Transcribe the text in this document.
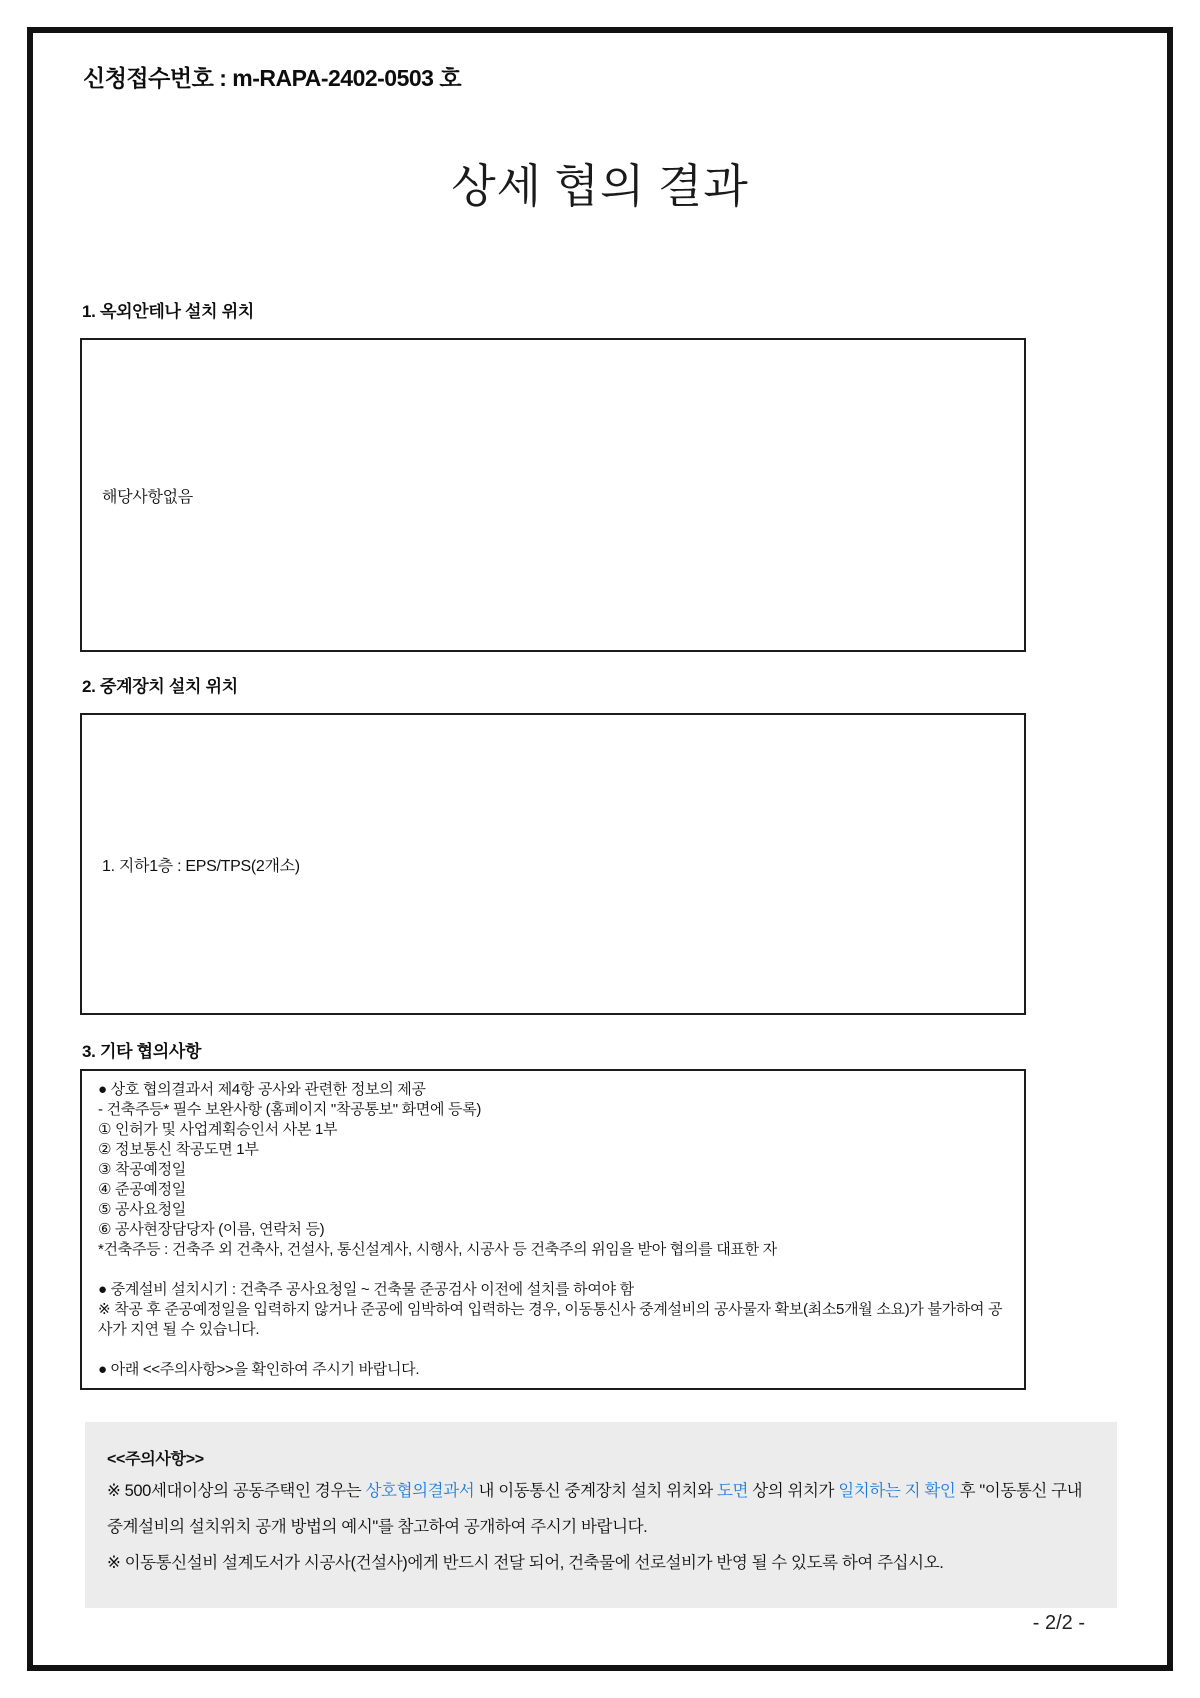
신청접수번호 : m-RAPA-2402-0503 호
상세 협의 결과
1. 옥외안테나 설치 위치
해당사항없음
2. 중계장치 설치 위치
1. 지하1층 : EPS/TPS(2개소)
3. 기타 협의사항
● 상호 협의결과서 제4항 공사와 관련한 정보의 제공
- 건축주등* 필수 보완사항 (홈페이지 "착공통보" 화면에 등록)
① 인허가 및 사업계획승인서 사본 1부
② 정보통신 착공도면 1부
③ 착공예정일
④ 준공예정일
⑤ 공사요청일
⑥ 공사현장담당자 (이름, 연락처 등)
*건축주등 : 건축주 외 건축사, 건설사, 통신설계사, 시행사, 시공사 등 건축주의 위임을 받아 협의를 대표한 자
● 중계설비 설치시기 : 건축주 공사요청일 ~ 건축물 준공검사 이전에 설치를 하여야 함
※ 착공 후 준공예정일을 입력하지 않거나 준공에 임박하여 입력하는 경우, 이동통신사 중계설비의 공사물자 확보(최소5개월 소요)가 불가하여 공사가 지연 될 수 있습니다.
● 아래 <<주의사항>>을 확인하여 주시기 바랍니다.
<<주의사항>>
※ 500세대이상의 공동주택인 경우는 상호협의결과서 내 이동통신 중계장치 설치 위치와 도면 상의 위치가 일치하는 지 확인 후 "이동통신 구내중계설비의 설치위치 공개 방법의 예시"를 참고하여 공개하여 주시기 바랍니다.
※ 이동통신설비 설계도서가 시공사(건설사)에게 반드시 전달 되어, 건축물에 선로설비가 반영 될 수 있도록 하여 주십시오.
- 2/2 -
